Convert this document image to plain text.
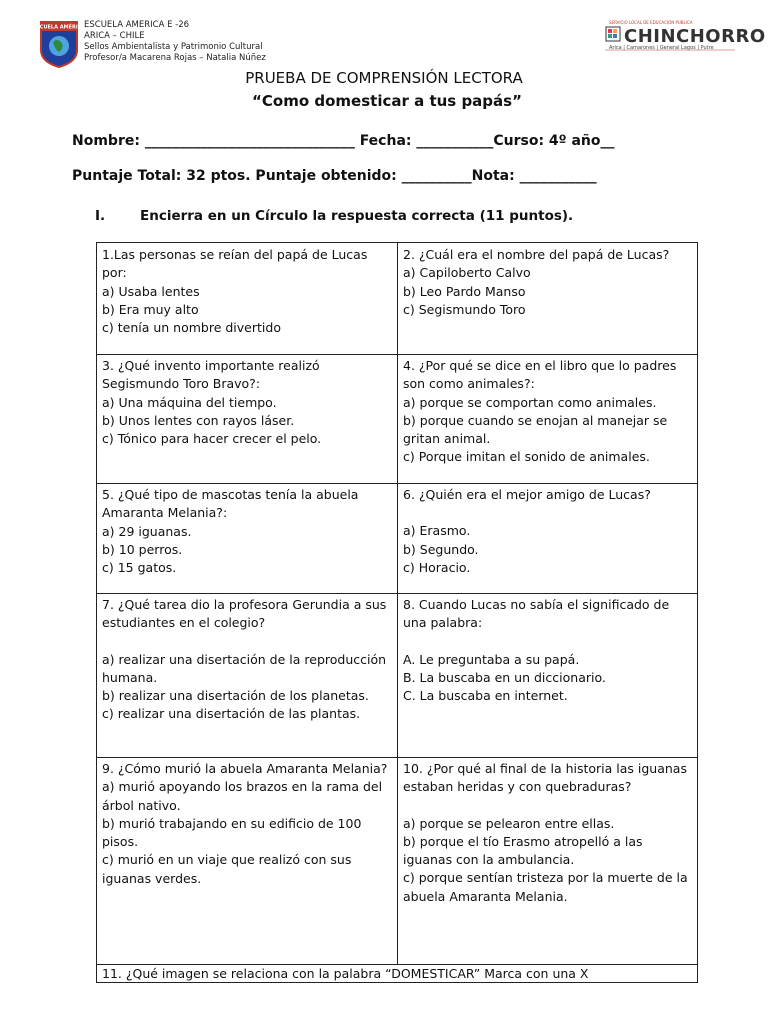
ESCUELA AMÉRICA
ESCUELA AMERICA E -26
ARICA – CHILE
Sellos Ambientalista y Patrimonio Cultural
Profesor/a Macarena Rojas – Natalia Núñez
SERVICIO LOCAL DE EDUCACIÓN PÚBLICA
CHINCHORRO
Arica | Camarones | General Lagos | Putre
PRUEBA DE COMPRENSIÓN LECTORA
“Como domesticar a tus papás”
Nombre: ______________________________ Fecha: ___________Curso: 4º año__
Puntaje Total: 32 ptos. Puntaje obtenido: __________Nota: ___________
I.	Encierra en un Círculo la respuesta correcta (11 puntos).

1.Las personas se reían del papá de Lucas por:

a) Usaba lentes

b) Era muy alto

c) tenía un nombre divertido

2. ¿Cuál era el nombre del papá de Lucas?

a) Capiloberto Calvo

b) Leo Pardo Manso

c) Segismundo Toro

3. ¿Qué invento importante realizó Segismundo Toro Bravo?:

a) Una máquina del tiempo.

b) Unos lentes con rayos láser.

c) Tónico para hacer crecer el pelo.

4. ¿Por qué se dice en el libro que lo padres son como animales?:

a) porque se comportan como animales.

b) porque cuando se enojan al manejar se gritan animal.

c) Porque imitan el sonido de animales.

5. ¿Qué tipo de mascotas tenía la abuela Amaranta Melania?:

a) 29 iguanas.

b) 10 perros.

c) 15 gatos.

6. ¿Quién era el mejor amigo de Lucas?

a) Erasmo.

b) Segundo.

c) Horacio.

7. ¿Qué tarea dio la profesora Gerundia a sus estudiantes en el colegio?

a) realizar una disertación de la reproducción humana.

b) realizar una disertación de los planetas.

c) realizar una disertación de las plantas.

8. Cuando Lucas no sabía el significado de una palabra:

A. Le preguntaba a su papá.

B. La buscaba en un diccionario.

C. La buscaba en internet.

9. ¿Cómo murió la abuela Amaranta Melania?

a) murió apoyando los brazos en la rama del árbol nativo.

b) murió trabajando en su edificio de 100 pisos.

c) murió en un viaje que realizó con sus iguanas verdes.

10. ¿Por qué al final de la historia las iguanas estaban heridas y con quebraduras?

a) porque se pelearon entre ellas.

b) porque el tío Erasmo atropelló a las iguanas con la ambulancia.

c) porque sentían tristeza por la muerte de la abuela Amaranta Melania.

11. ¿Qué imagen se relaciona con la palabra “DOMESTICAR” Marca con una X
